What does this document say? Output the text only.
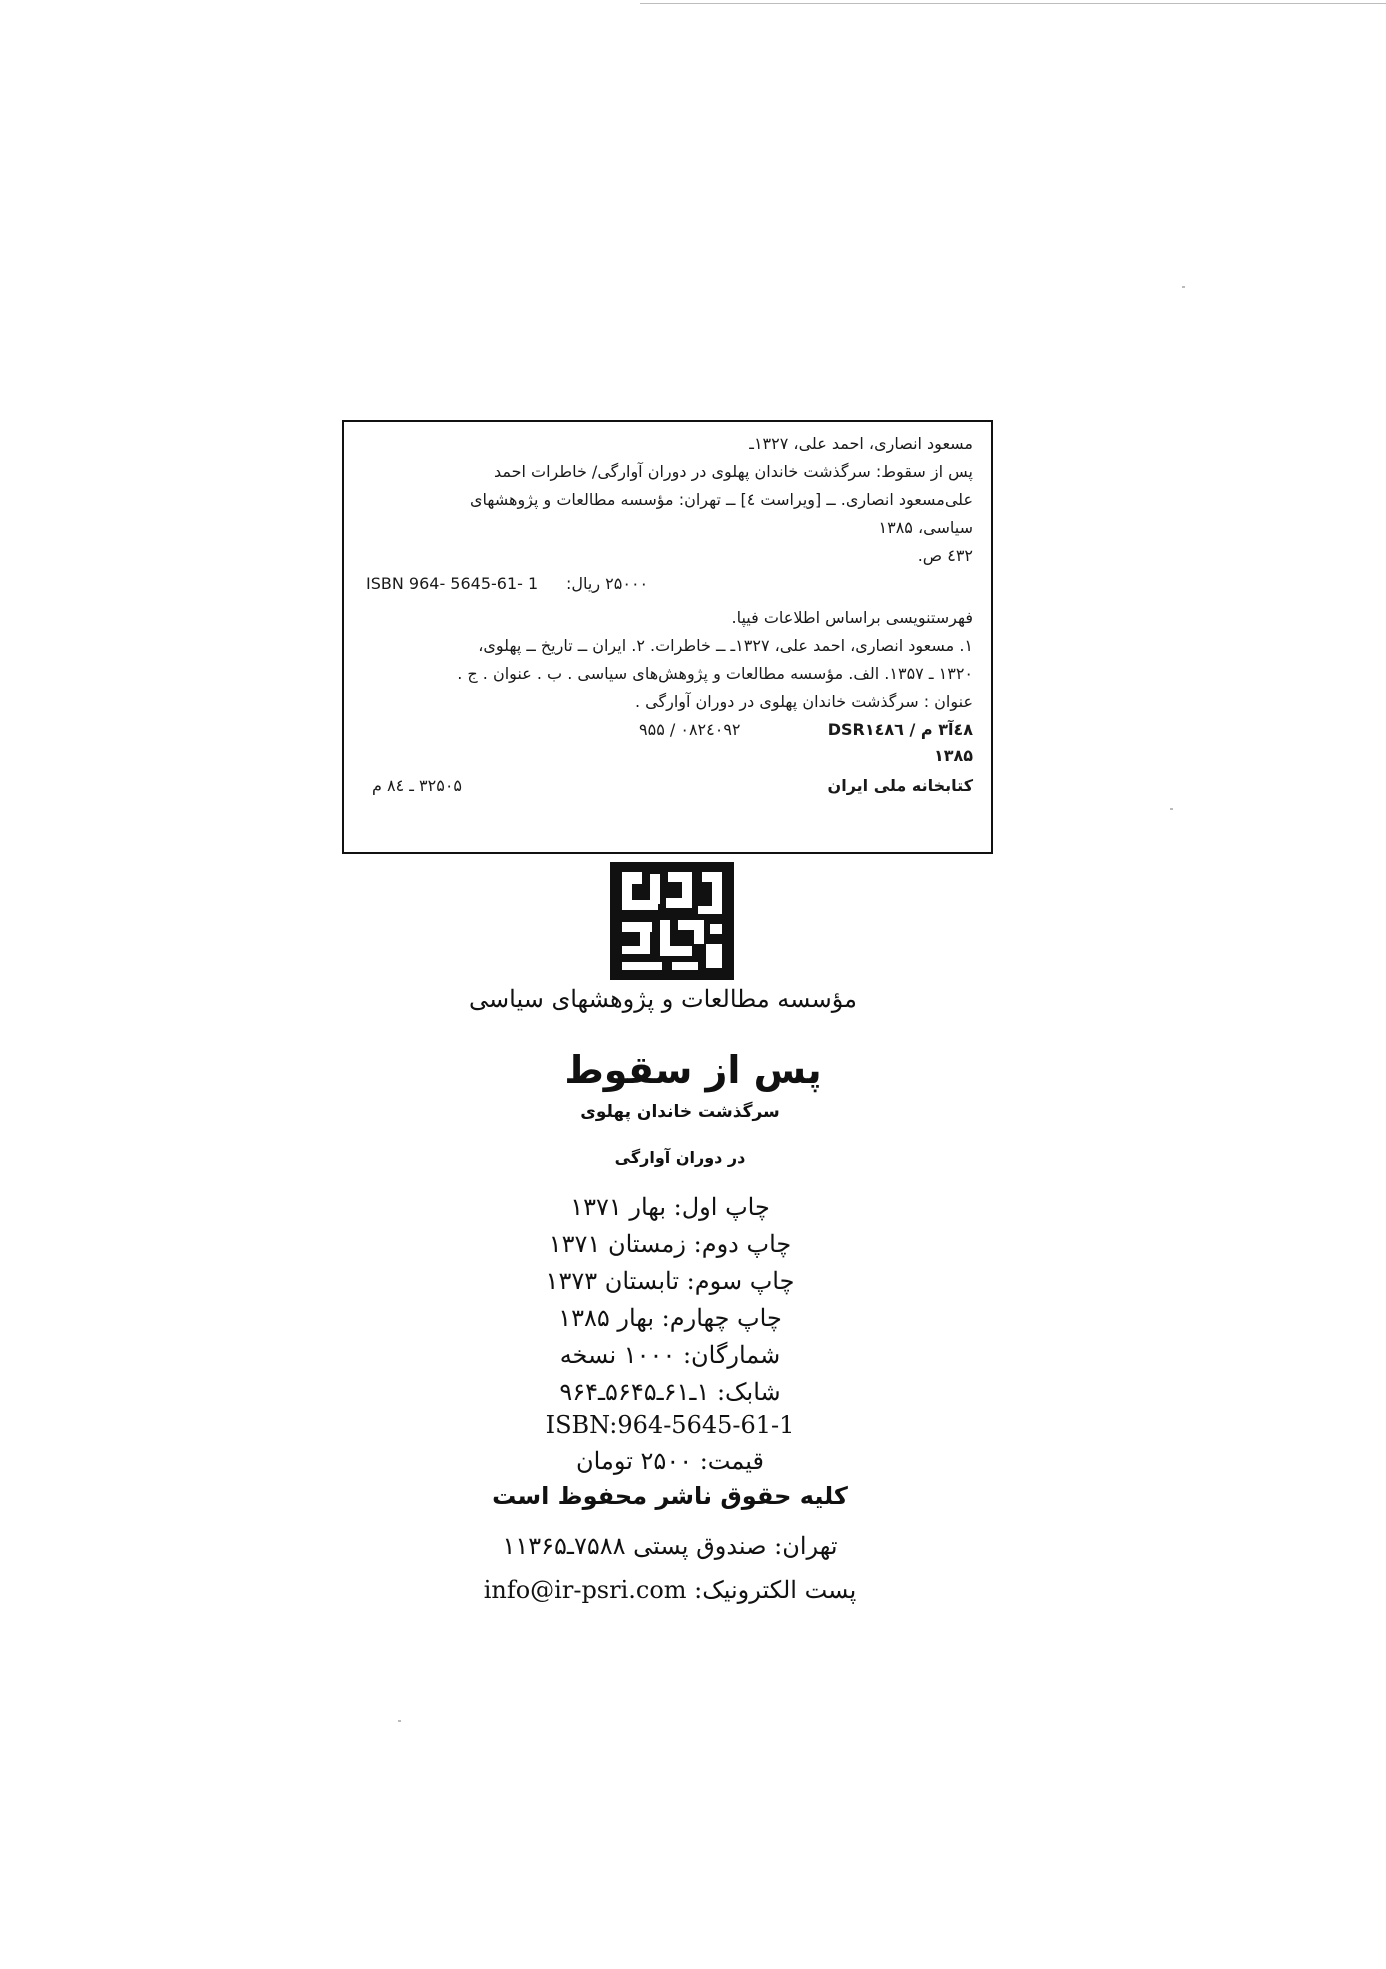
مسعود انصاری، احمد علی، ۱۳۲۷ـ
پس از سقوط: سرگذشت خاندان پهلوی در دوران آوارگی/ خاطرات احمد
علی‌مسعود انصاری. ــ [ویراست ٤] ــ تهران: مؤسسه مطالعات و پژوهشهای
سیاسی، ۱۳۸۵
٤۳۲ ص.
ISBN 964- 5645-61- 1 ۲۵۰۰۰ ریال:
فهرستنویسی براساس اطلاعات فیپا.
۱. مسعود انصاری، احمد علی، ۱۳۲۷ـ ــ خاطرات. ۲. ایران ــ تاریخ ــ پهلوی،
۱۳۲۰ ـ ۱۳۵۷. الف. مؤسسه مطالعات و پژوهش‌های سیاسی . ب . عنوان . ج .
عنوان : سرگذشت خاندان پهلوی در دوران آوارگی .
٤۸آ۳ م / DSR۱٤۸٦
۹۵۵ / ۰۸۲٤۰۹۲
۱۳۸۵
کتابخانه ملی ایران
۳۲۵۰۵ ـ ۸٤ م
مؤسسه مطالعات و پژوهشهای سیاسی
پس از سقوط
سرگذشت خاندان پهلوی
در دوران آوارگی
چاپ اول: بهار ۱۳۷۱
چاپ دوم: زمستان ۱۳۷۱
چاپ سوم: تابستان ۱۳۷۳
چاپ چهارم: بهار ۱۳۸۵
شمارگان: ۱۰۰۰ نسخه
شابک: ۱ـ۶۱ـ۵۶۴۵ـ۹۶۴
ISBN:964-5645-61-1
قیمت: ۲۵۰۰ تومان
کلیه حقوق ناشر محفوظ است
تهران: صندوق پستی ۷۵۸۸ـ۱۱۳۶۵
پست الکترونیک: info@ir-psri.com
